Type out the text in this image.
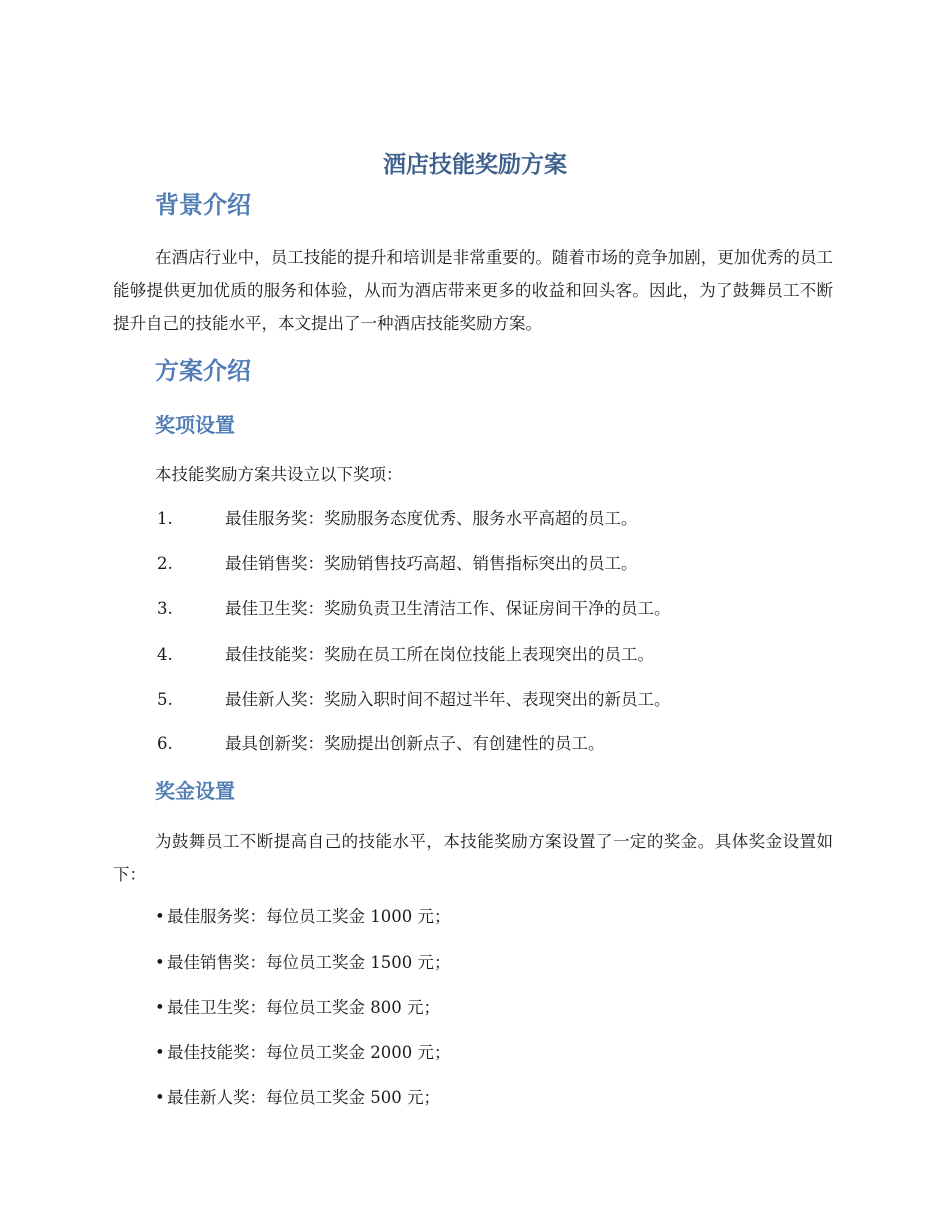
酒店技能奖励方案
背景介绍

在酒店行业中，员工技能的提升和培训是非常重要的。随着市场的竞争加剧，更加优秀的员工能够提供更加优质的服务和体验，从而为酒店带来更多的收益和回头客。因此，为了鼓舞员工不断提升自己的技能水平，本文提出了一种酒店技能奖励方案。

方案介绍
奖项设置

本技能奖励方案共设立以下奖项：

1.	最佳服务奖：奖励服务态度优秀、服务水平高超的员工。
2.	最佳销售奖：奖励销售技巧高超、销售指标突出的员工。
3.	最佳卫生奖：奖励负责卫生清洁工作、保证房间干净的员工。
4.	最佳技能奖：奖励在员工所在岗位技能上表现突出的员工。
5.	最佳新人奖：奖励入职时间不超过半年、表现突出的新员工。
6.	最具创新奖：奖励提出创新点子、有创建性的员工。
奖金设置

为鼓舞员工不断提高自己的技能水平，本技能奖励方案设置了一定的奖金。具体奖金设置如下：

• 最佳服务奖：每位员工奖金 1000 元；
• 最佳销售奖：每位员工奖金 1500 元；
• 最佳卫生奖：每位员工奖金 800 元；
• 最佳技能奖：每位员工奖金 2000 元；
• 最佳新人奖：每位员工奖金 500 元；
